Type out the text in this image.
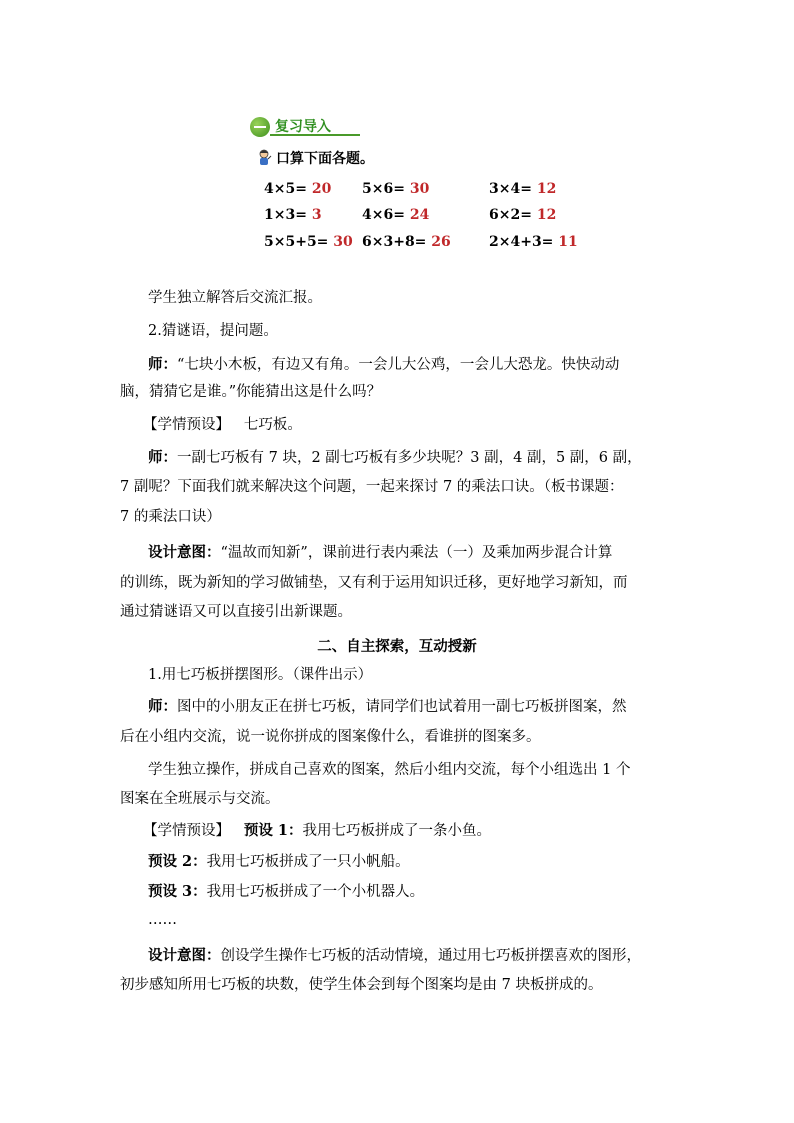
复习导入
口算下面各题。
4×5= 20 5×6= 30	3×4= 12
1×3= 3	4×6= 24	6×2= 12
5×5+5= 30 6×3+8= 26	2×4+3= 11
学生独立解答后交流汇报。
2.猜谜语，提问题。
师：“七块小木板，有边又有角。一会儿大公鸡，一会儿大恐龙。快快动动
脑，猜猜它是谁。”你能猜出这是什么吗？
【学情预设】 七巧板。
师：一副七巧板有 7 块，2 副七巧板有多少块呢？3 副，4 副，5 副，6 副，
7 副呢？下面我们就来解决这个问题，一起来探讨 7 的乘法口诀。（板书课题：
7 的乘法口诀）
设计意图：“温故而知新”，课前进行表内乘法（一）及乘加两步混合计算
的训练，既为新知的学习做铺垫，又有利于运用知识迁移，更好地学习新知，而
通过猜谜语又可以直接引出新课题。
二、自主探索，互动授新
1.用七巧板拼摆图形。（课件出示）
师：图中的小朋友正在拼七巧板，请同学们也试着用一副七巧板拼图案，然
后在小组内交流，说一说你拼成的图案像什么，看谁拼的图案多。
学生独立操作，拼成自己喜欢的图案，然后小组内交流，每个小组选出 1 个
图案在全班展示与交流。
【学情预设】 预设 1：我用七巧板拼成了一条小鱼。
预设 2：我用七巧板拼成了一只小帆船。
预设 3：我用七巧板拼成了一个小机器人。
……
设计意图：创设学生操作七巧板的活动情境，通过用七巧板拼摆喜欢的图形，
初步感知所用七巧板的块数，使学生体会到每个图案均是由 7 块板拼成的。
